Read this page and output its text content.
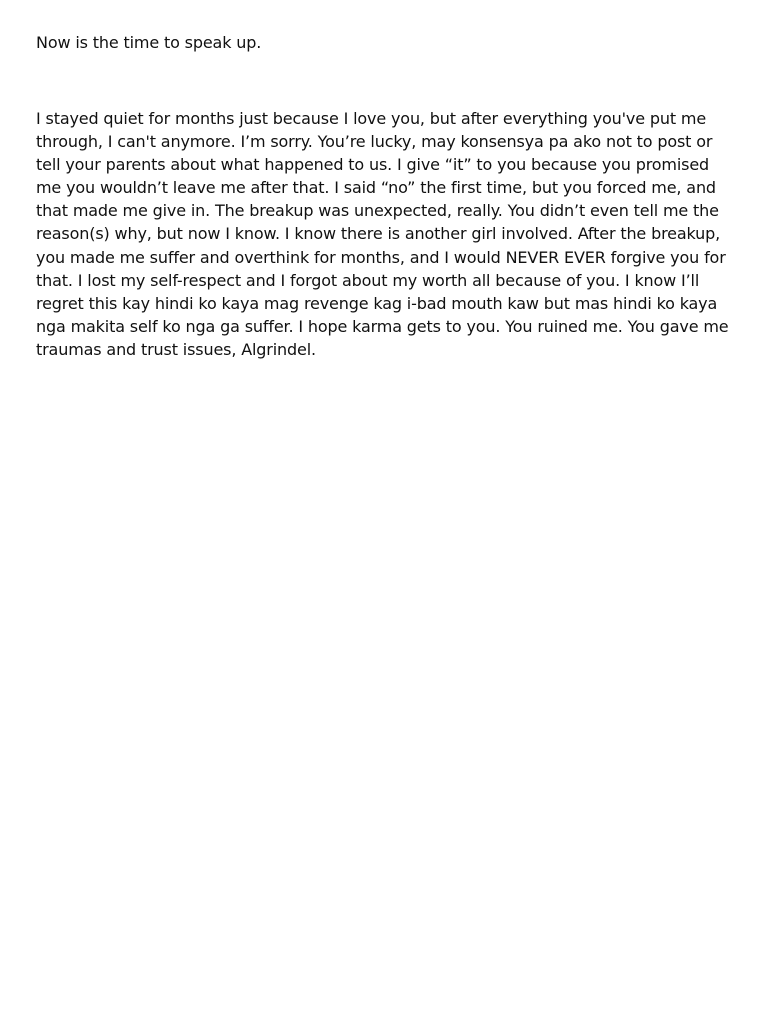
Now is the time to speak up.

I stayed quiet for months just because I love you, but after everything you've put me through, I can't anymore. I’m sorry. You’re lucky, may konsensya pa ako not to post or tell your parents about what happened to us. I give “it” to you because you promised me you wouldn’t leave me after that. I said “no” the first time, but you forced me, and that made me give in. The breakup was unexpected, really. You didn’t even tell me the reason(s) why, but now I know. I know there is another girl involved. After the breakup, you made me suffer and overthink for months, and I would NEVER EVER forgive you for that. I lost my self-respect and I forgot about my worth all because of you. I know I’ll regret this kay hindi ko kaya mag revenge kag i-bad mouth kaw but mas hindi ko kaya nga makita self ko nga ga suffer. I hope karma gets to you. You ruined me. You gave me traumas and trust issues, Algrindel.
